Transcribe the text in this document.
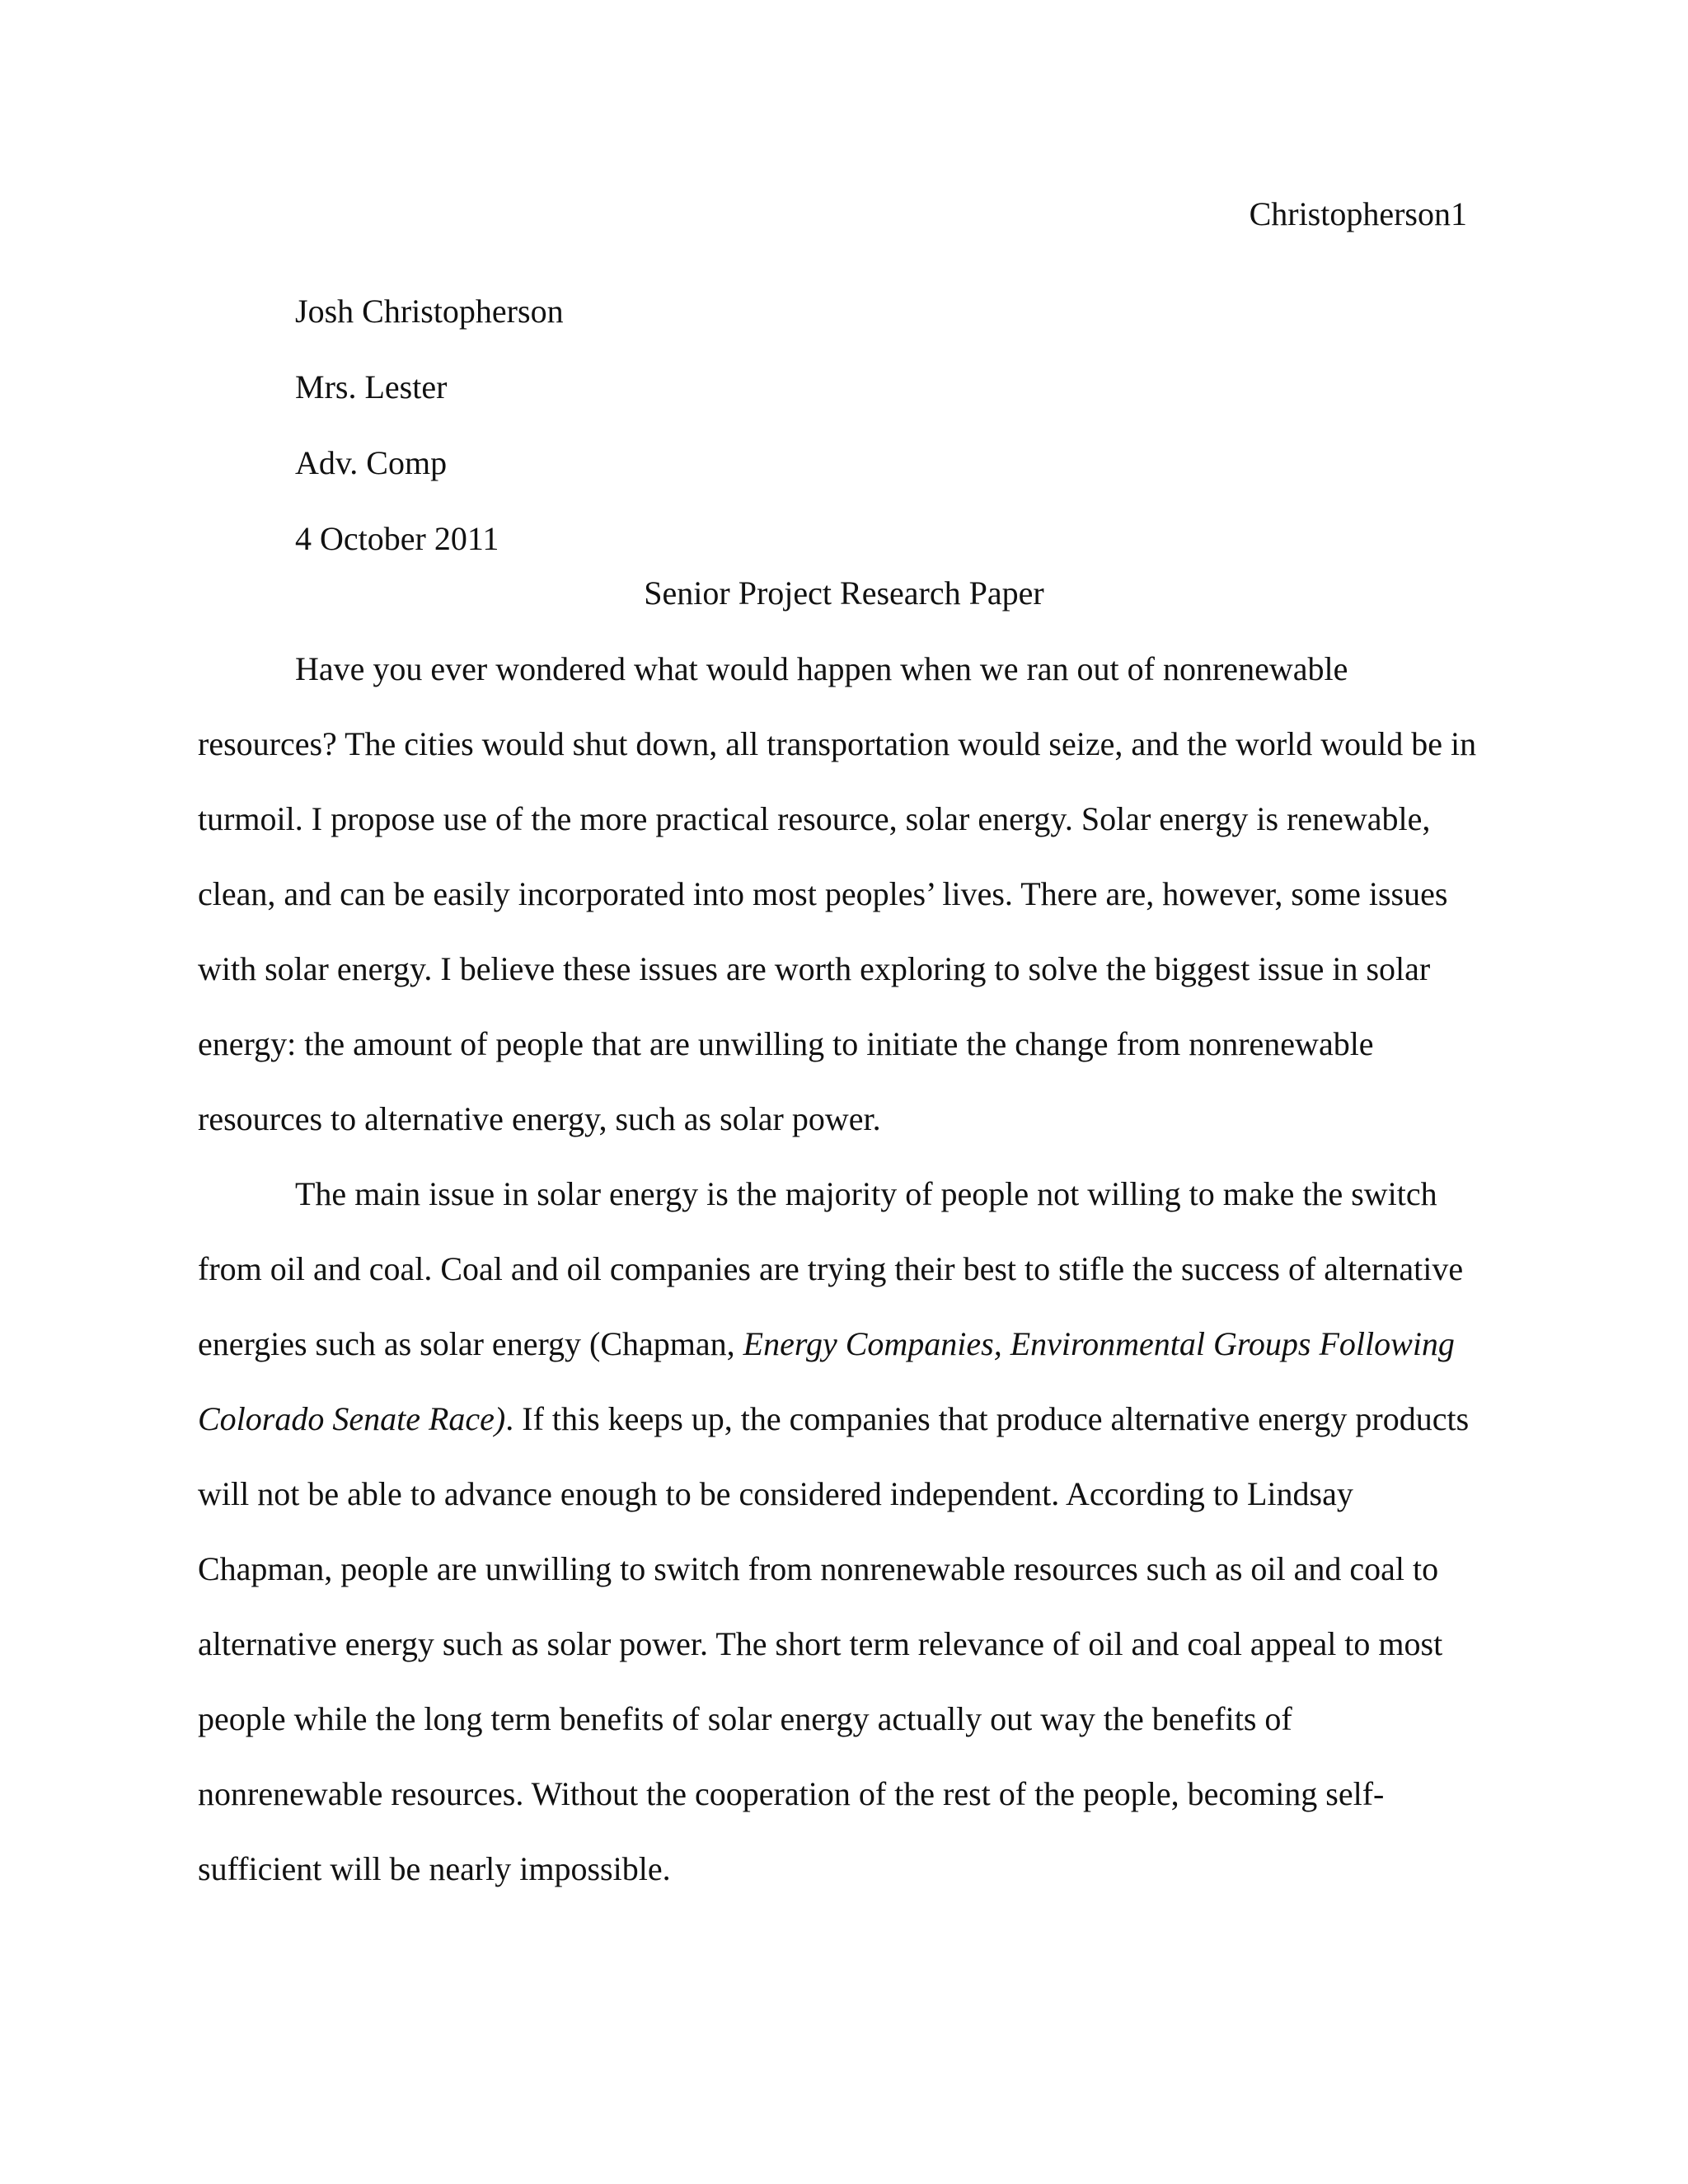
Christopherson1
Josh Christopherson
Mrs. Lester
Adv. Comp
4 October 2011
Senior Project Research Paper
Have you ever wondered what would happen when we ran out of nonrenewable
resources? The cities would shut down, all transportation would seize, and the world would be in
turmoil. I propose use of the more practical resource, solar energy. Solar energy is renewable,
clean, and can be easily incorporated into most peoples’ lives. There are, however, some issues
with solar energy. I believe these issues are worth exploring to solve the biggest issue in solar
energy: the amount of people that are unwilling to initiate the change from nonrenewable
resources to alternative energy, such as solar power.
The main issue in solar energy is the majority of people not willing to make the switch
from oil and coal. Coal and oil companies are trying their best to stifle the success of alternative
energies such as solar energy (Chapman, Energy Companies, Environmental Groups Following
Colorado Senate Race). If this keeps up, the companies that produce alternative energy products
will not be able to advance enough to be considered independent. According to Lindsay
Chapman, people are unwilling to switch from nonrenewable resources such as oil and coal to
alternative energy such as solar power. The short term relevance of oil and coal appeal to most
people while the long term benefits of solar energy actually out way the benefits of
nonrenewable resources. Without the cooperation of the rest of the people, becoming self-
sufficient will be nearly impossible.
